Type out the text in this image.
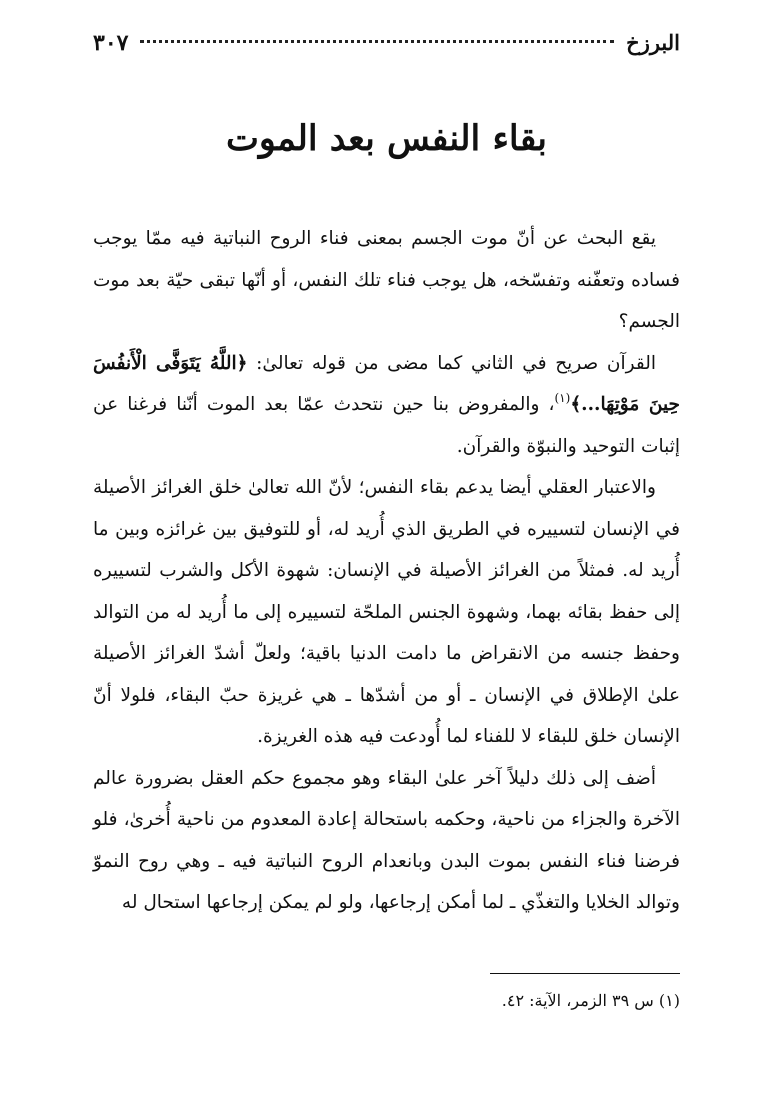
البرزخ
٣٠٧
بقاء النفس بعد الموت

يقع البحث عن أنّ موت الجسم بمعنى فناء الروح النباتية فيه ممّا يوجب فساده وتعفّنه وتفسّخه، هل يوجب فناء تلك النفس، أو أنّها تبقى حيّة بعد موت الجسم؟

القرآن صريح في الثاني كما مضى من قوله تعالىٰ: ﴿اللَّهُ يَتَوَفَّى الْأَنفُسَ حِينَ مَوْتِهَا...﴾$^{(١)}$، والمفروض بنا حين نتحدث عمّا بعد الموت أنّنا فرغنا عن إثبات التوحيد والنبوّة والقرآن.

والاعتبار العقلي أيضا يدعم بقاء النفس؛ لأنّ الله تعالىٰ خلق الغرائز الأصيلة في الإنسان لتسييره في الطريق الذي أُريد له، أو للتوفيق بين غرائزه وبين ما أُريد له. فمثلاً من الغرائز الأصيلة في الإنسان: شهوة الأكل والشرب لتسييره إلى حفظ بقائه بهما، وشهوة الجنس الملحّة لتسييره إلى ما أُريد له من التوالد وحفظ جنسه من الانقراض ما دامت الدنيا باقية؛ ولعلّ أشدّ الغرائز الأصيلة علىٰ الإطلاق في الإنسان ـ أو من أشدّها ـ هي غريزة حبّ البقاء، فلولا أنّ الإنسان خلق للبقاء لا للفناء لما أُودعت فيه هذه الغريزة.

أضف إلى ذلك دليلاً آخر علىٰ البقاء وهو مجموع حكم العقل بضرورة عالم الآخرة والجزاء من ناحية، وحكمه باستحالة إعادة المعدوم من ناحية أُخرىٰ، فلو فرضنا فناء النفس بموت البدن وبانعدام الروح النباتية فيه ـ وهي روح النموّ وتوالد الخلايا والتغذّي ـ لما أمكن إرجاعها، ولو لم يمكن إرجاعها استحال له

(١) س ٣٩ الزمر، الآية: ٤٢.
